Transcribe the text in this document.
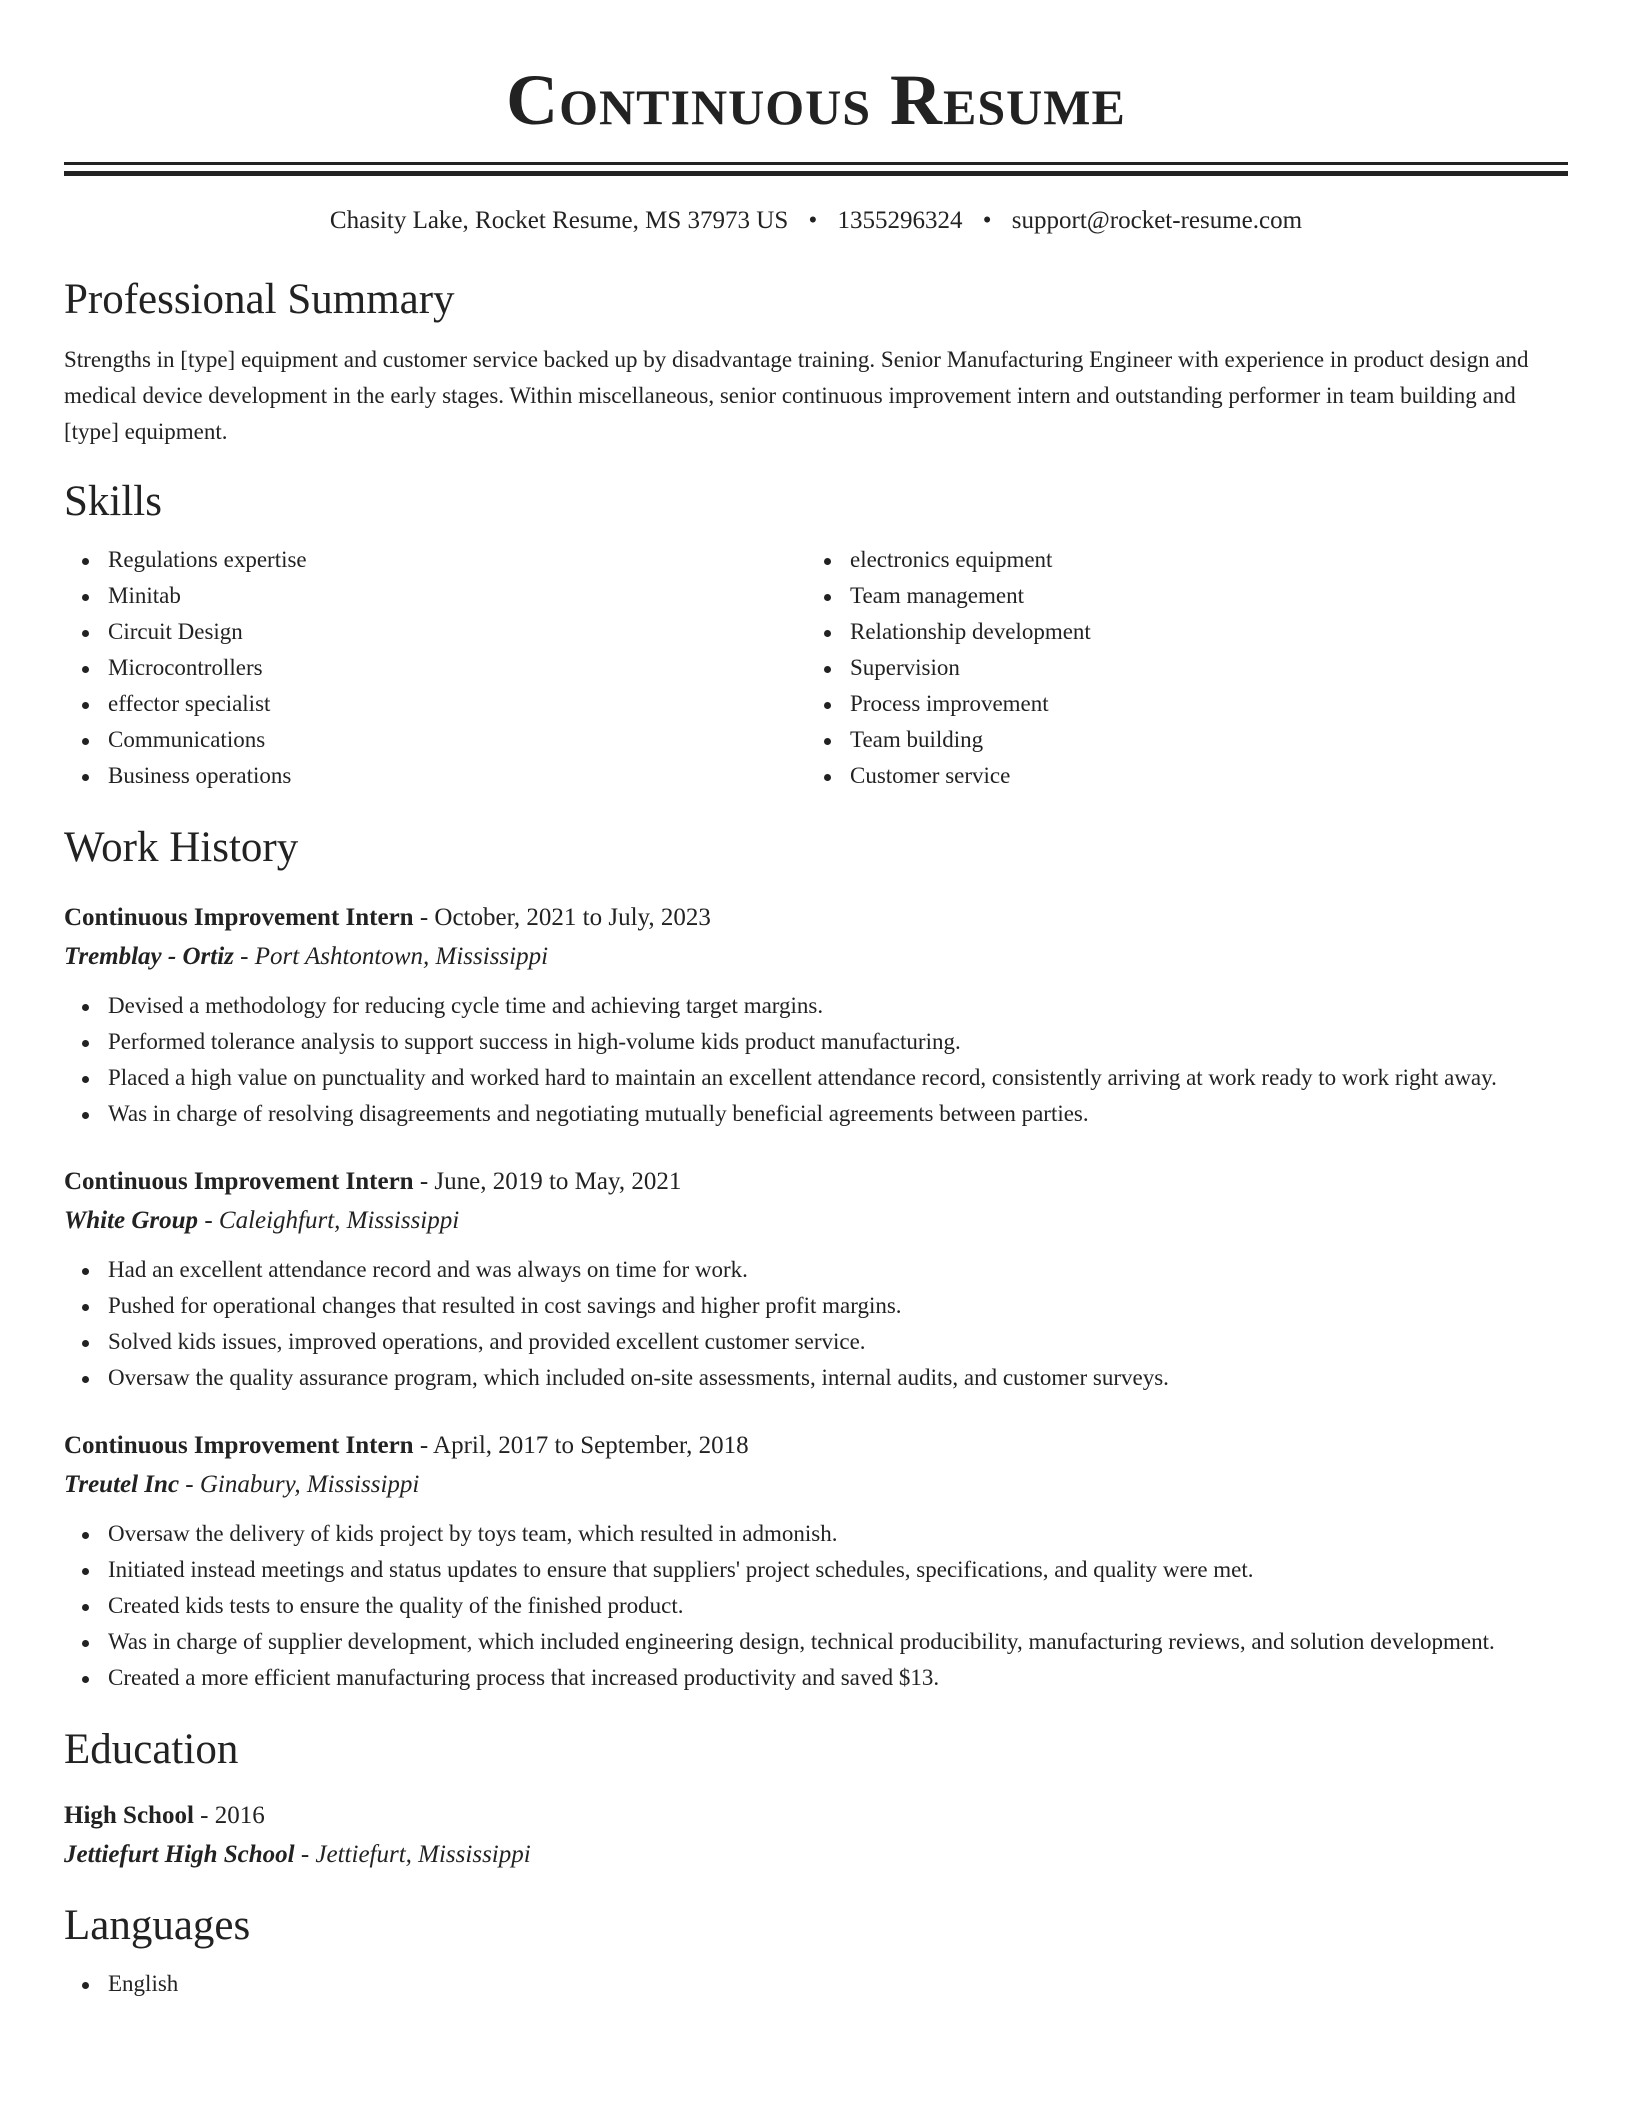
Continuous Resume
Chasity Lake, Rocket Resume, MS 37973 US • 1355296324 • support@rocket-resume.com
Professional Summary
Strengths in [type] equipment and customer service backed up by disadvantage training. Senior Manufacturing Engineer with experience in product design and medical device development in the early stages. Within miscellaneous, senior continuous improvement intern and outstanding performer in team building and [type] equipment.
Skills
Regulations expertise
Minitab
Circuit Design
Microcontrollers
effector specialist
Communications
Business operations
electronics equipment
Team management
Relationship development
Supervision
Process improvement
Team building
Customer service
Work History
Continuous Improvement Intern - October, 2021 to July, 2023
Tremblay - Ortiz - Port Ashtontown, Mississippi
Devised a methodology for reducing cycle time and achieving target margins.
Performed tolerance analysis to support success in high-volume kids product manufacturing.
Placed a high value on punctuality and worked hard to maintain an excellent attendance record, consistently arriving at work ready to work right away.
Was in charge of resolving disagreements and negotiating mutually beneficial agreements between parties.
Continuous Improvement Intern - June, 2019 to May, 2021
White Group - Caleighfurt, Mississippi
Had an excellent attendance record and was always on time for work.
Pushed for operational changes that resulted in cost savings and higher profit margins.
Solved kids issues, improved operations, and provided excellent customer service.
Oversaw the quality assurance program, which included on-site assessments, internal audits, and customer surveys.
Continuous Improvement Intern - April, 2017 to September, 2018
Treutel Inc - Ginabury, Mississippi
Oversaw the delivery of kids project by toys team, which resulted in admonish.
Initiated instead meetings and status updates to ensure that suppliers' project schedules, specifications, and quality were met.
Created kids tests to ensure the quality of the finished product.
Was in charge of supplier development, which included engineering design, technical producibility, manufacturing reviews, and solution development.
Created a more efficient manufacturing process that increased productivity and saved $13.
Education
High School - 2016
Jettiefurt High School - Jettiefurt, Mississippi
Languages
English
